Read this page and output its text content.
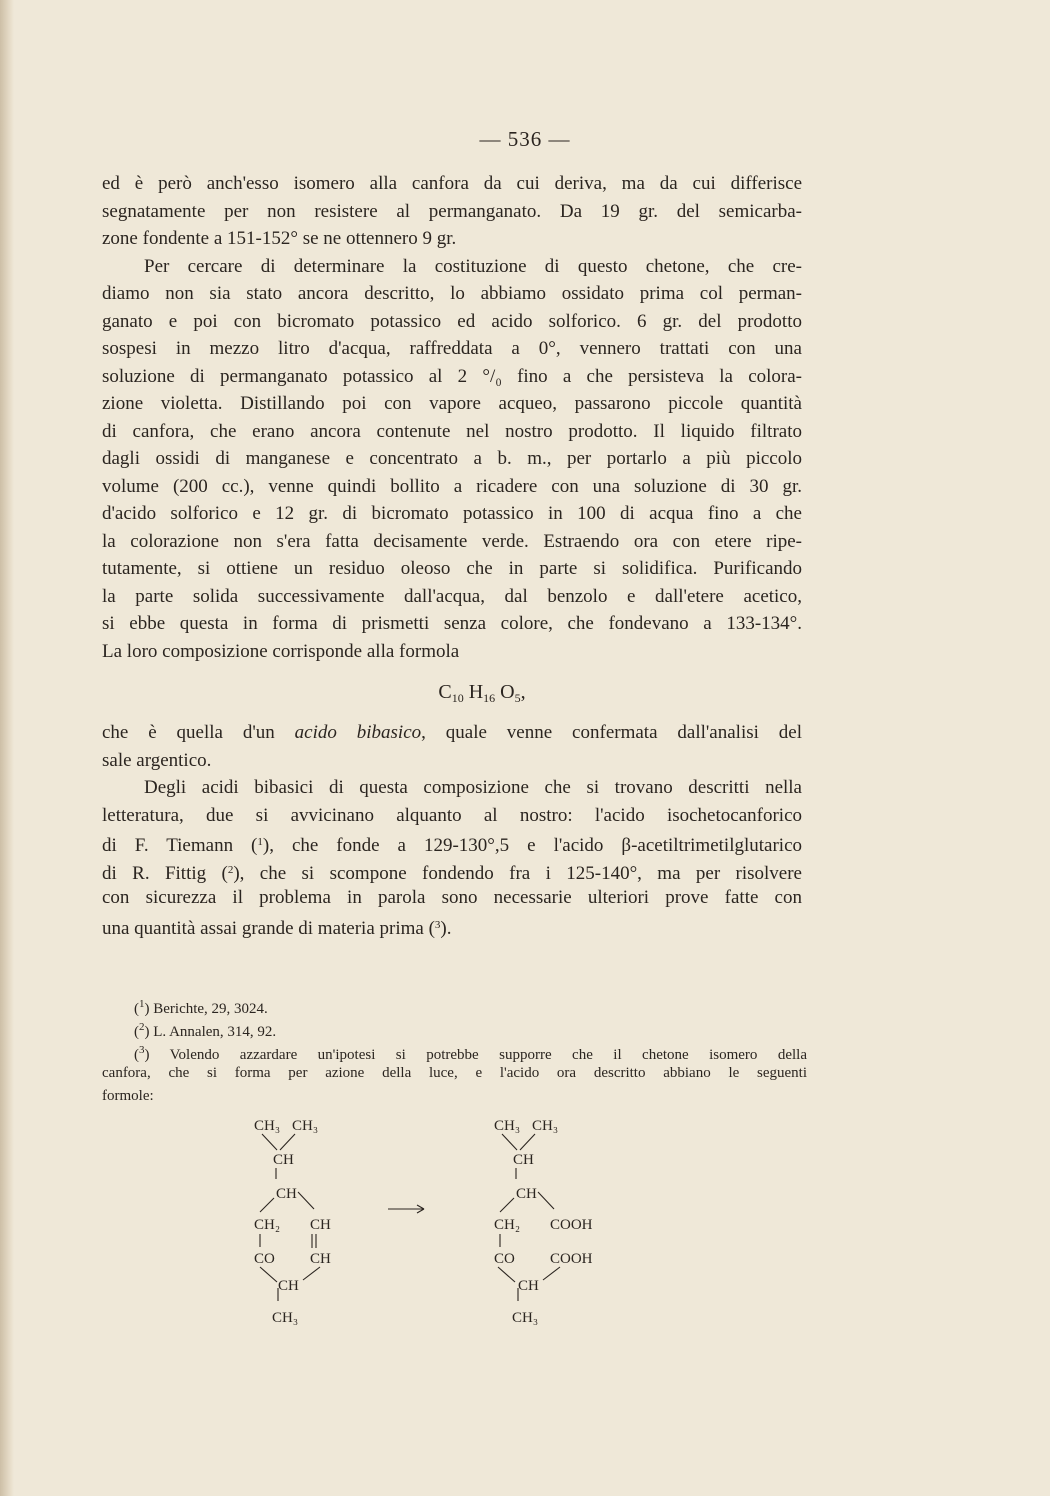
— 536 —
ed è però anch'esso isomero alla canfora da cui deriva, ma da cui differisce
segnatamente per non resistere al permanganato. Da 19 gr. del semicarba-
zone fondente a 151-152° se ne ottennero 9 gr.
Per cercare di determinare la costituzione di questo chetone, che cre-
diamo non sia stato ancora descritto, lo abbiamo ossidato prima col perman-
ganato e poi con bicromato potassico ed acido solforico. 6 gr. del prodotto
sospesi in mezzo litro d'acqua, raffreddata a 0°, vennero trattati con una
soluzione di permanganato potassico al 2 °/₀ fino a che persisteva la colora-
zione violetta. Distillando poi con vapore acqueo, passarono piccole quantità
di canfora, che erano ancora contenute nel nostro prodotto. Il liquido filtrato
dagli ossidi di manganese e concentrato a b. m., per portarlo a più piccolo
volume (200 cc.), venne quindi bollito a ricadere con una soluzione di 30 gr.
d'acido solforico e 12 gr. di bicromato potassico in 100 di acqua fino a che
la colorazione non s'era fatta decisamente verde. Estraendo ora con etere ripe-
tutamente, si ottiene un residuo oleoso che in parte si solidifica. Purificando
la parte solida successivamente dall'acqua, dal benzolo e dall'etere acetico,
si ebbe questa in forma di prismetti senza colore, che fondevano a 133-134°.
La loro composizione corrisponde alla formola
$C_{10}$ $H_{16}$ $O_5$,
che è quella d'un acido bibasico, quale venne confermata dall'analisi del
sale argentico.
Degli acidi bibasici di questa composizione che si trovano descritti nella
letteratura, due si avvicinano alquanto al nostro: l'acido isochetocanforico
di F. Tiemann ($^1$), che fonde a 129-130°,5 e l'acido β-acetiltrimetilglutarico
di R. Fittig ($^2$), che si scompone fondendo fra i 125-140°, ma per risolvere
con sicurezza il problema in parola sono necessarie ulteriori prove fatte con
una quantità assai grande di materia prima ($^3$).
($^1$) Berichte, 29, 3024.
($^2$) L. Annalen, 314, 92.
($^3$) Volendo azzardare un'ipotesi si potrebbe supporre che il chetone isomero della
canfora, che si forma per azione della luce, e l'acido ora descritto abbiano le seguenti
formole:
CH₃ CH₃
CH
CH
CH₂ CH
CO CH
CH
CH₃
CH₃ CH₃
CH
CH
CH₂ COOH
CO COOH
CH
CH₃
